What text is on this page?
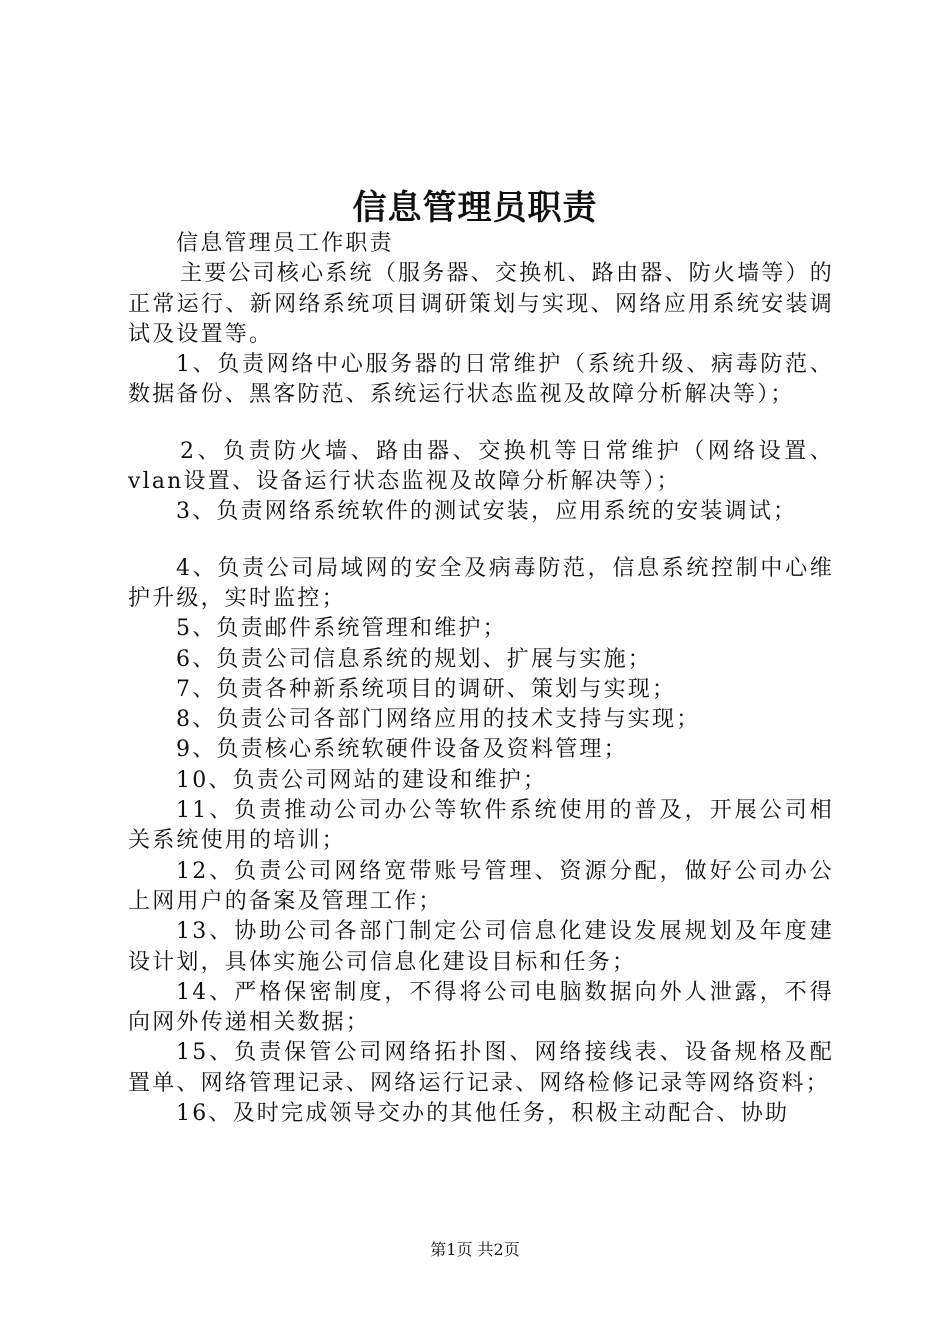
信息管理员职责

信息管理员工作职责

主要公司核心系统（服务器、交换机、路由器、防火墙等）的正常运行、新网络系统项目调研策划与实现、网络应用系统安装调试及设置等。

1、负责网络中心服务器的日常维护（系统升级、病毒防范、数据备份、黑客防范、系统运行状态监视及故障分析解决等）；

2、负责防火墙、路由器、交换机等日常维护（网络设置、vlan设置、设备运行状态监视及故障分析解决等）；

3、负责网络系统软件的测试安装，应用系统的安装调试；

4、负责公司局域网的安全及病毒防范，信息系统控制中心维护升级，实时监控；

5、负责邮件系统管理和维护；

6、负责公司信息系统的规划、扩展与实施；

7、负责各种新系统项目的调研、策划与实现；

8、负责公司各部门网络应用的技术支持与实现；

9、负责核心系统软硬件设备及资料管理；

10、负责公司网站的建设和维护；

11、负责推动公司办公等软件系统使用的普及，开展公司相关系统使用的培训；

12、负责公司网络宽带账号管理、资源分配，做好公司办公上网用户的备案及管理工作；

13、协助公司各部门制定公司信息化建设发展规划及年度建设计划，具体实施公司信息化建设目标和任务；

14、严格保密制度，不得将公司电脑数据向外人泄露，不得向网外传递相关数据；

15、负责保管公司网络拓扑图、网络接线表、设备规格及配置单、网络管理记录、网络运行记录、网络检修记录等网络资料；

16、及时完成领导交办的其他任务，积极主动配合、协助

第1页 共2页
